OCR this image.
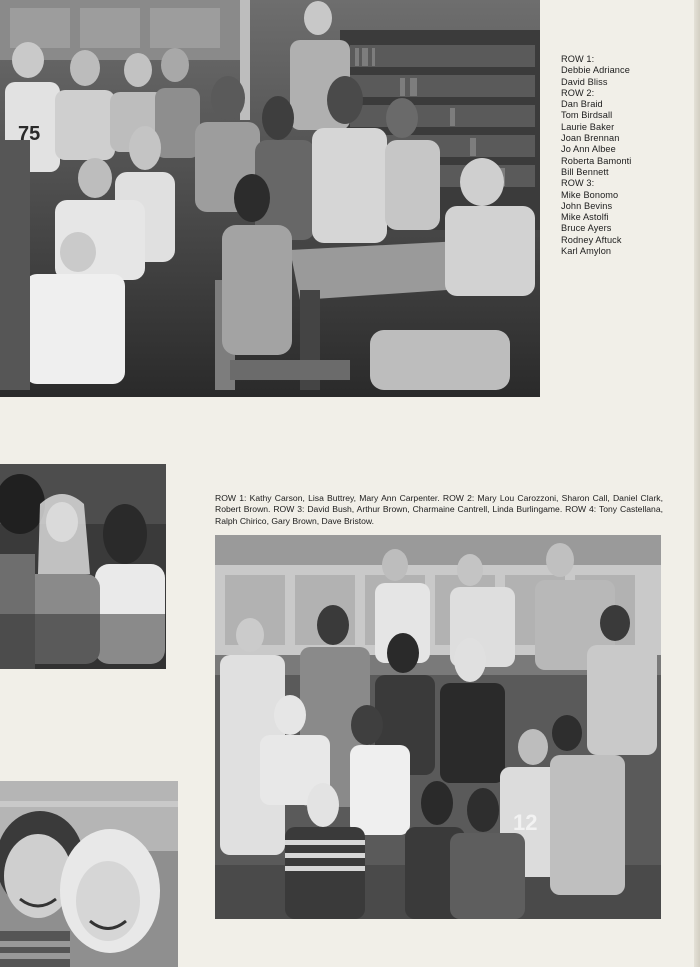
75
ROW 1:
Debbie Adriance
David Bliss
ROW 2:
Dan Braid
Tom Birdsall
Laurie Baker
Joan Brennan
Jo Ann Albee
Roberta Bamonti
Bill Bennett
ROW 3:
Mike Bonomo
John Bevins
Mike Astolfi
Bruce Ayers
Rodney Aftuck
Karl Amylon
ROW 1: Kathy Carson, Lisa Buttrey, Mary Ann Carpenter. ROW 2: Mary Lou Carozzoni, Sharon Call, Daniel Clark, Robert Brown. ROW 3: David Bush, Arthur Brown, Charmaine Cantrell, Linda Burlingame. ROW 4: Tony Castellana, Ralph Chirico, Gary Brown, Dave Bristow.
12
